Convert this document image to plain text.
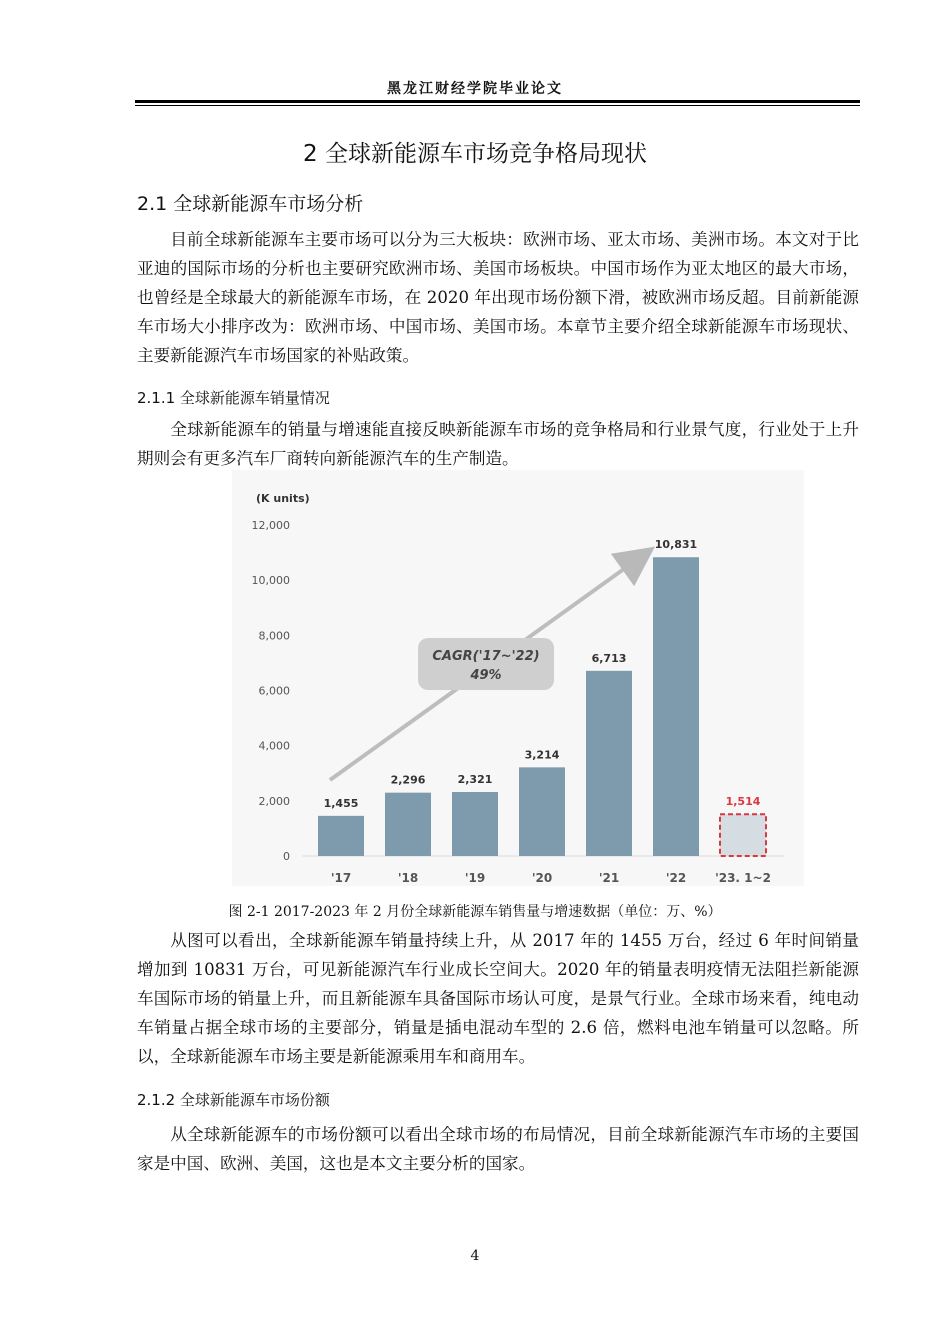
黑龙江财经学院毕业论文
2 全球新能源车市场竞争格局现状
2.1 全球新能源车市场分析

目前全球新能源车主要市场可以分为三大板块：欧洲市场、亚太市场、美洲市场。本文对于比亚迪的国际市场的分析也主要研究欧洲市场、美国市场板块。中国市场作为亚太地区的最大市场，也曾经是全球最大的新能源车市场，在 2020 年出现市场份额下滑，被欧洲市场反超。目前新能源车市场大小排序改为：欧洲市场、中国市场、美国市场。本章节主要介绍全球新能源车市场现状、主要新能源汽车市场国家的补贴政策。

2.1.1 全球新能源车销量情况

全球新能源车的销量与增速能直接反映新能源车市场的竞争格局和行业景气度，行业处于上升期则会有更多汽车厂商转向新能源汽车的生产制造。

(K units)
0
2,000
4,000
6,000
8,000
10,000
12,000
1,455
'17
2,296
'18
2,321
'19
3,214
'20
6,713
'21
10,831
'22
1,514
'23. 1~2
CAGR('17~'22)
49%
图 2-1 2017-2023 年 2 月份全球新能源车销售量与增速数据（单位：万、%）

从图可以看出，全球新能源车销量持续上升，从 2017 年的 1455 万台，经过 6 年时间销量增加到 10831 万台，可见新能源汽车行业成长空间大。2020 年的销量表明疫情无法阻拦新能源车国际市场的销量上升，而且新能源车具备国际市场认可度，是景气行业。全球市场来看，纯电动车销量占据全球市场的主要部分，销量是插电混动车型的 2.6 倍，燃料电池车销量可以忽略。所以，全球新能源车市场主要是新能源乘用车和商用车。

2.1.2 全球新能源车市场份额

从全球新能源车的市场份额可以看出全球市场的布局情况，目前全球新能源汽车市场的主要国家是中国、欧洲、美国，这也是本文主要分析的国家。

4
